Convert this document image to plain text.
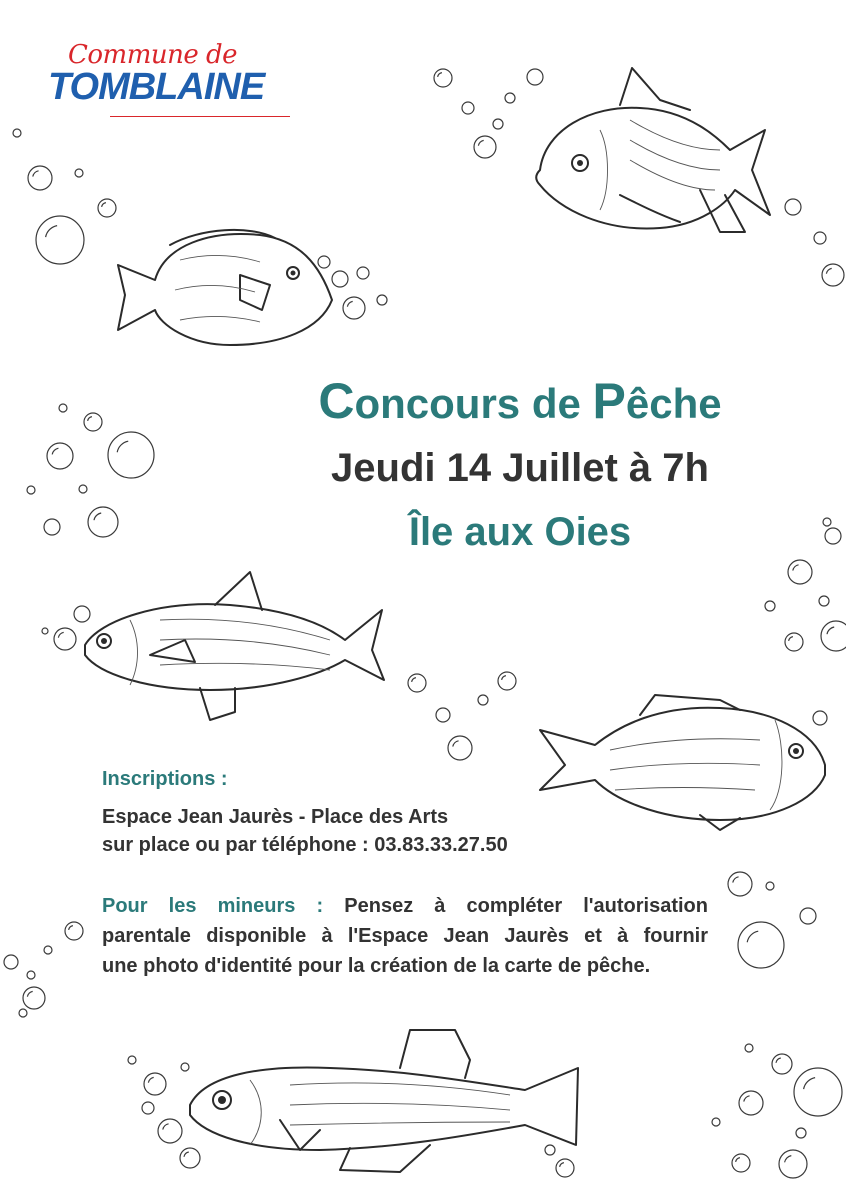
Commune de
TOMBLAINE
Concours de Pêche
Jeudi 14 Juillet à 7h
Île aux Oies
Inscriptions :
Espace Jean Jaurès - Place des Arts
sur place ou par téléphone : 03.83.33.27.50
Pour les mineurs : Pensez à compléter l'autorisation
parentale disponible à l'Espace Jean Jaurès et à fournir
une photo d'identité pour la création de la carte de pêche.
